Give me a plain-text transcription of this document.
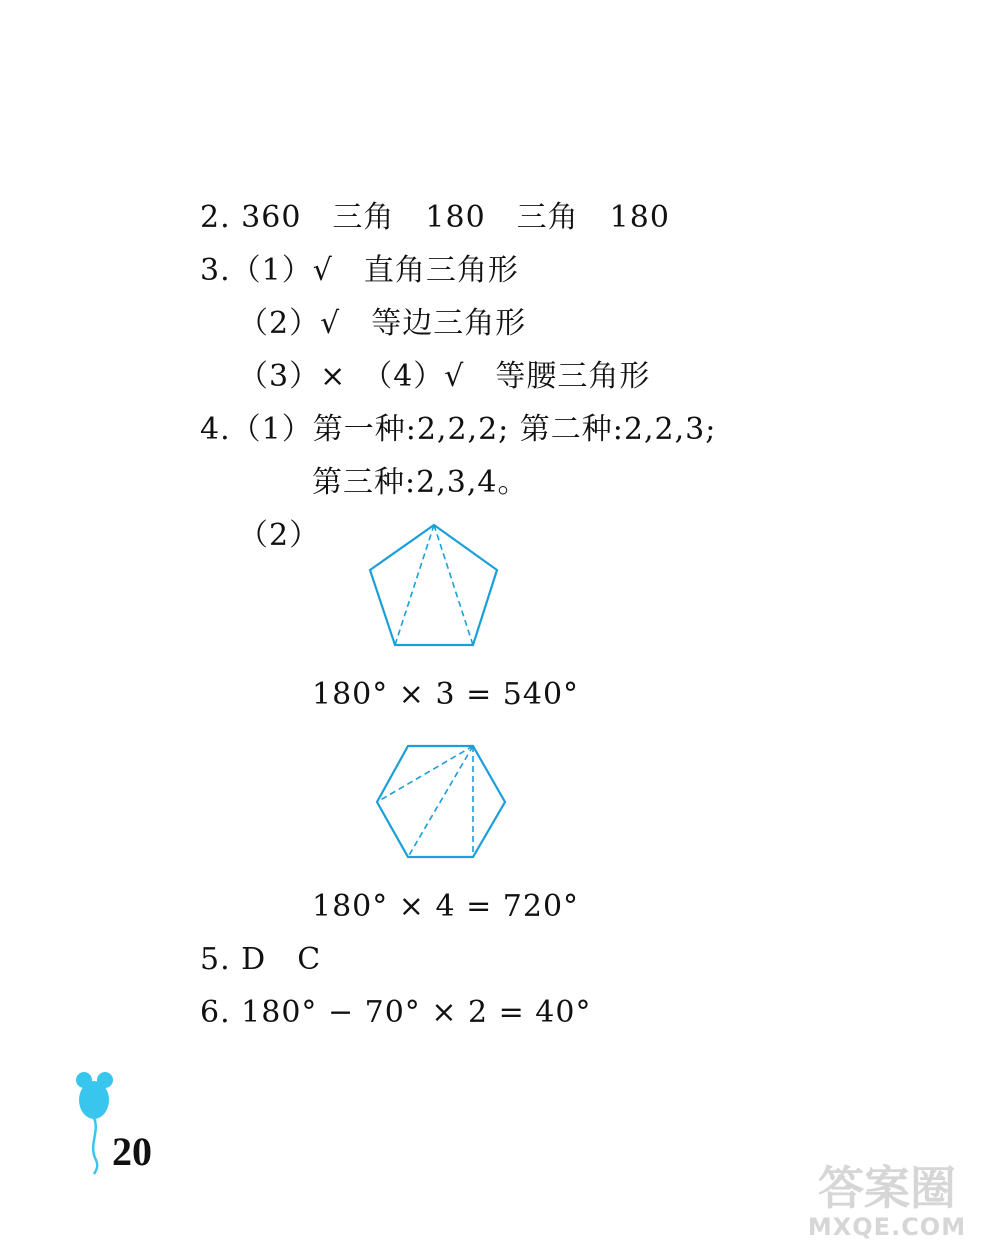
2. 360　三角　180　三角　180
3.（1）√　直角三角形
（2）√　等边三角形
（3）×　（4）√　等腰三角形
4.（1）第一种:2,2,2; 第二种:2,2,3;
第三种:2,3,4。
（2）
180° × 3 = 540°
180° × 4 = 720°
5. D　C
6. 180° − 70° × 2 = 40°
20
答案圈
MXQE.COM
